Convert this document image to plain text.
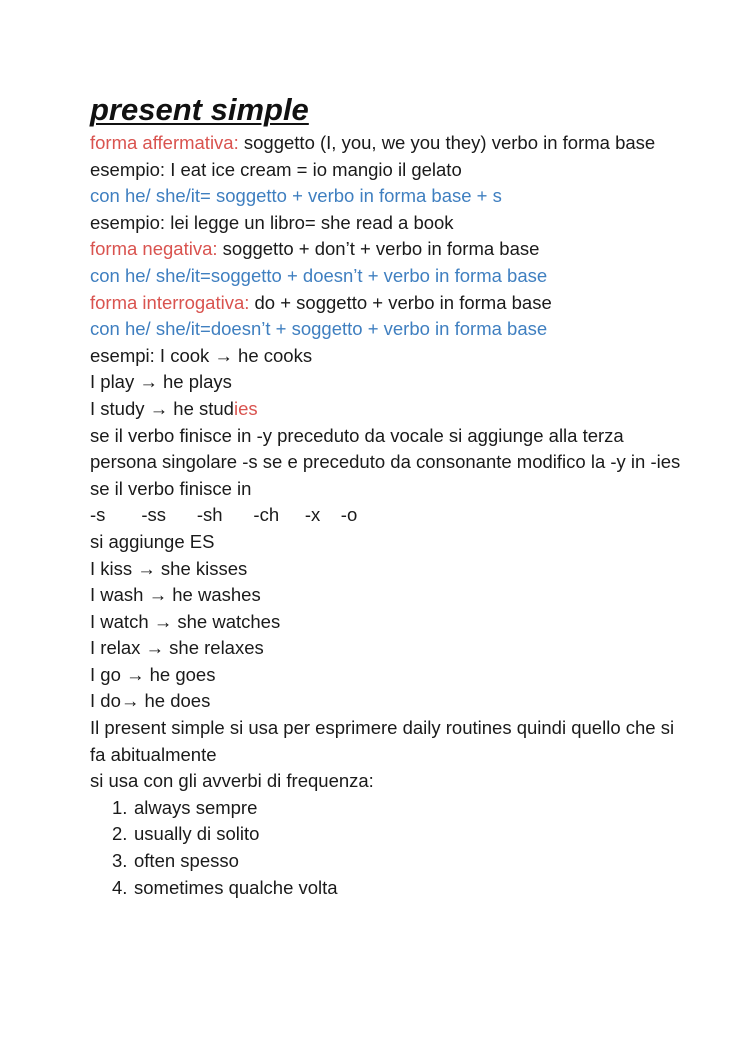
present simple

forma affermativa: soggetto (I, you, we you they) verbo in forma base

esempio: I eat ice cream = io mangio il gelato

con he/ she/it= soggetto + verbo in forma base + s

esempio: lei legge un libro= she read a book

forma negativa: soggetto + don’t + verbo in forma base

con he/ she/it=soggetto + doesn’t + verbo in forma base

forma interrogativa: do + soggetto + verbo in forma base

con he/ she/it=doesn’t + soggetto + verbo in forma base

esempi: I cook → he cooks

I play → he plays

I study → he studies

se il verbo finisce in -y preceduto da vocale si aggiunge alla terza persona singolare -s se e preceduto da consonante modifico la -y in -ies

se il verbo finisce in

-s       -ss      -sh      -ch     -x    -o

si aggiunge ES

I kiss → she kisses

I wash → he washes

I watch → she watches

I relax → she relaxes

I go → he goes

I do→ he does

Il present simple si usa per esprimere daily routines quindi quello che si fa abitualmente

si usa con gli avverbi di frequenza:

1. always sempre
2. usually di solito
3. often spesso
4. sometimes qualche volta
